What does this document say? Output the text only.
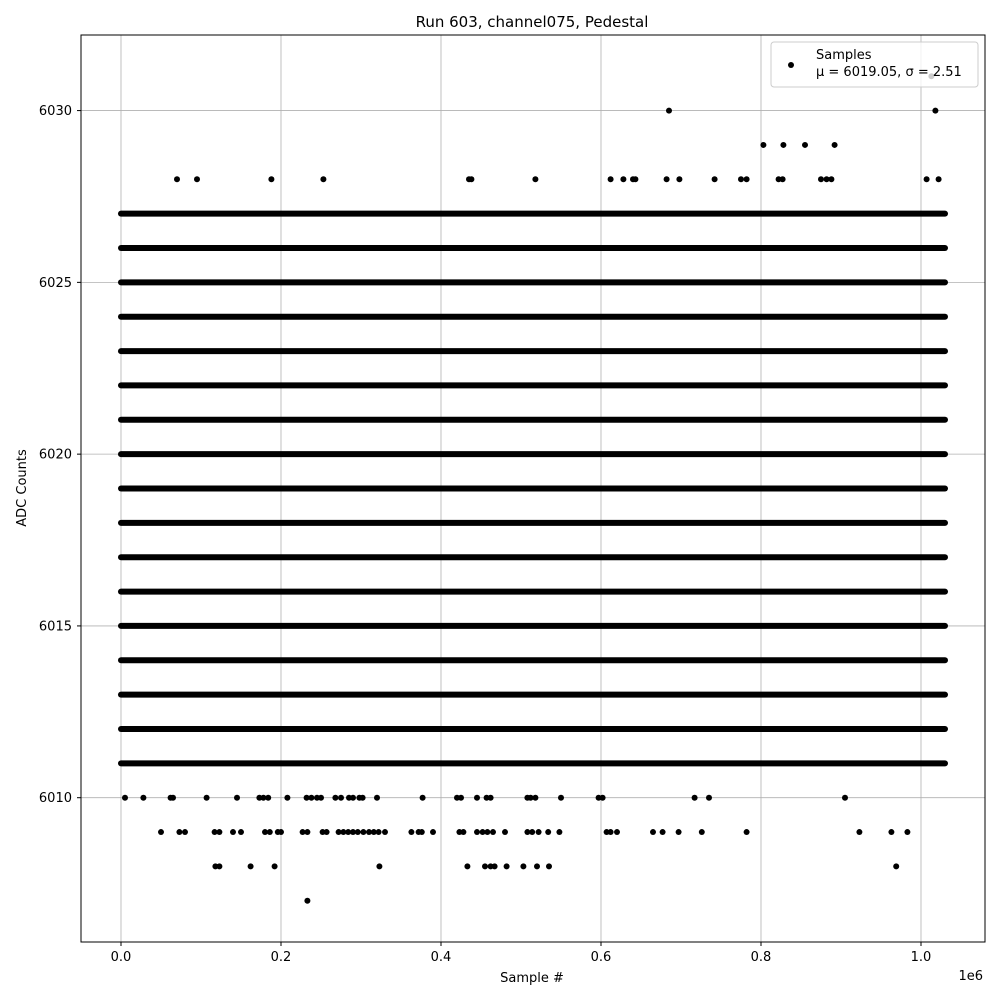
Run 603, channel075, Pedestal
0.0	0.2	0.4	0.6	0.8	1.0
6010
6015
6020
6025
6030
Sample #	1e6
ADC Counts
Samples
μ = 6019.05, σ = 2.51
